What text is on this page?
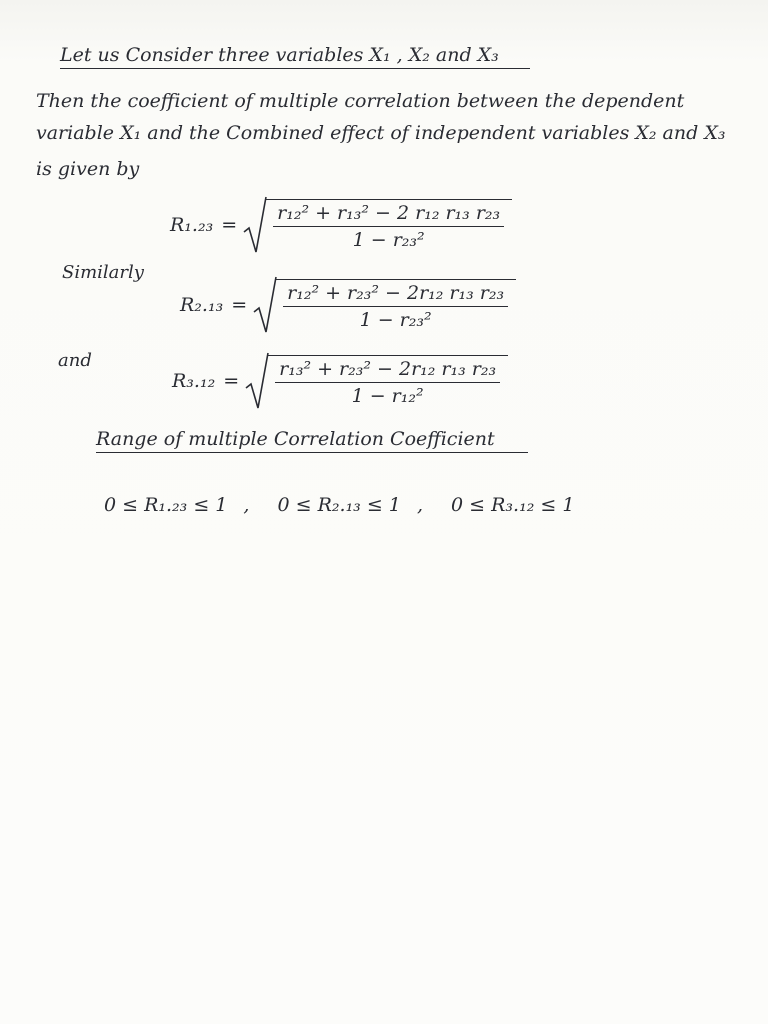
Let us Consider three variables X₁ , X₂ and X₃
Then the coefficient of multiple correlation between the dependent
variable X₁ and the Combined effect of independent variables X₂ and X₃
is given by
$R_1._{23} = \frac{\text{r₁₂² + r₁₃² − 2 r₁₂ r₁₃ r₂₃}}{\text{1 − r₂₃²}}$
Similarly
$R_2._{13} = \frac{\text{r₁₂² + r₂₃² − 2r₁₂ r₁₃ r₂₃}}{\text{1 − r₂₃²}}$
and
$R_3._{12} = \frac{\text{r₁₃² + r₂₃² − 2r₁₂ r₁₃ r₂₃}}{\text{1 − r₁₂²}}$
Range of multiple Correlation Coefficient
0 ≤ R₁.₂₃ ≤ 1 , 0 ≤ R₂.₁₃ ≤ 1 , 0 ≤ R₃.₁₂ ≤ 1
